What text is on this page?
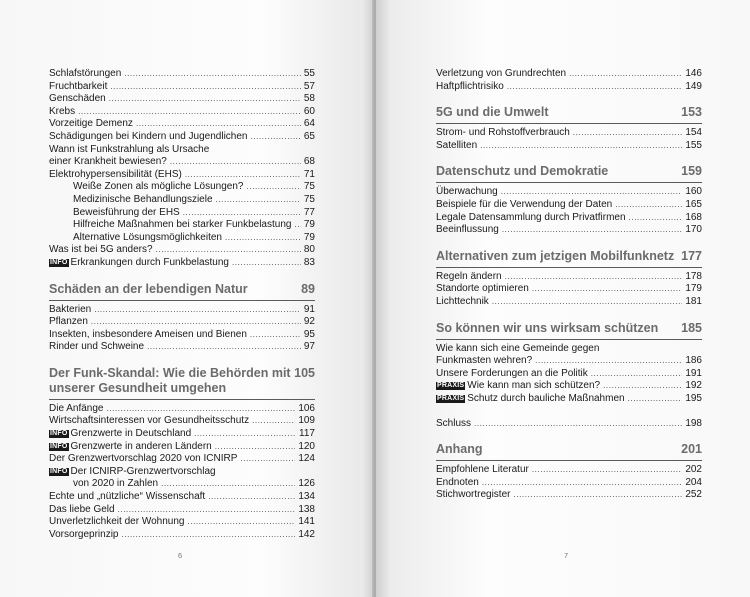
Schlafstörungen .....	55
Fruchtbarkeit .....	57
Genschäden .....	58
Krebs .....	60
Vorzeitige Demenz .....	64
Schädigungen bei Kindern und Jugendlichen .....	65
Wann ist Funkstrahlung als Ursache
einer Krankheit bewiesen? .....	68
Elektrohypersensibilität (EHS) .....	71
Weiße Zonen als mögliche Lösungen? .....	75
Medizinische Behandlungsziele .....	75
Beweisführung der EHS .....	77
Hilfreiche Maßnahmen bei starker Funkbelastung ..... 79
Alternative Lösungsmöglichkeiten .....	79
Was ist bei 5G anders? .....	80
INFO Erkrankungen durch Funkbelastung .....	83
Schäden an der lebendigen Natur	89
Bakterien .....	91
Pflanzen .....	92
Insekten, insbesondere Ameisen und Bienen .....	95
Rinder und Schweine .....	97
Der Funk-Skandal: Wie die Behörden mit
unserer Gesundheit umgehen
105
Die Anfänge .....	106
Wirtschaftsinteressen vor Gesundheitsschutz .....	109
INFO Grenzwerte in Deutschland .....	117
INFO Grenzwerte in anderen Ländern .....	120
Der Grenzwertvorschlag 2020 von ICNIRP .....	124
INFO Der ICNIRP-Grenzwertvorschlag
von 2020 in Zahlen .....	126
Echte und „nützliche“ Wissenschaft .....	134
Das liebe Geld .....	138
Unverletzlichkeit der Wohnung .....	141
Vorsorgeprinzip .....	142
6
Verletzung von Grundrechten .....	146
Haftpflichtrisiko .....	149
5G und die Umwelt	153
Strom- und Rohstoffverbrauch .....	154
Satelliten .....	155
Datenschutz und Demokratie	159
Überwachung .....	160
Beispiele für die Verwendung der Daten .....	165
Legale Datensammlung durch Privatfirmen .....	168
Beeinflussung .....	170
Alternativen zum jetzigen Mobilfunknetz 177
Regeln ändern .....	178
Standorte optimieren .....	179
Lichttechnik .....	181
So können wir uns wirksam schützen 185
Wie kann sich eine Gemeinde gegen
Funkmasten wehren? .....	186
Unsere Forderungen an die Politik .....	191
PRAXIS Wie kann man sich schützen? .....	192
PRAXIS Schutz durch bauliche Maßnahmen .....	195
Schluss .....	198
Anhang	201
Empfohlene Literatur .....	202
Endnoten .....	204
Stichwortregister .....	252
7
